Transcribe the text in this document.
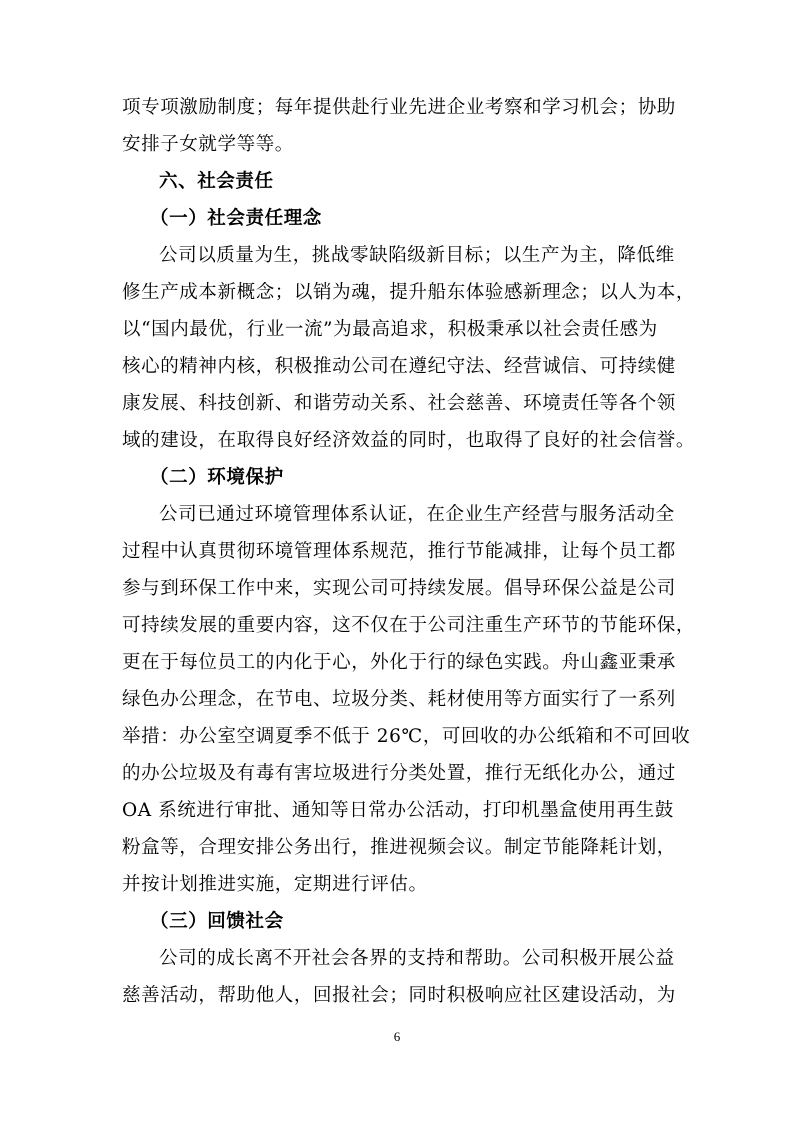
项专项激励制度；每年提供赴行业先进企业考察和学习机会；协助
安排子女就学等等。
六、社会责任
（一）社会责任理念
公司以质量为生，挑战零缺陷级新目标；以生产为主，降低维
修生产成本新概念；以销为魂，提升船东体验感新理念；以人为本，
以“国内最优，行业一流”为最高追求，积极秉承以社会责任感为
核心的精神内核，积极推动公司在遵纪守法、经营诚信、可持续健
康发展、科技创新、和谐劳动关系、社会慈善、环境责任等各个领
域的建设，在取得良好经济效益的同时，也取得了良好的社会信誉。
（二）环境保护
公司已通过环境管理体系认证，在企业生产经营与服务活动全
过程中认真贯彻环境管理体系规范，推行节能减排，让每个员工都
参与到环保工作中来，实现公司可持续发展。倡导环保公益是公司
可持续发展的重要内容，这不仅在于公司注重生产环节的节能环保，
更在于每位员工的内化于心，外化于行的绿色实践。舟山鑫亚秉承
绿色办公理念，在节电、垃圾分类、耗材使用等方面实行了一系列
举措：办公室空调夏季不低于 26℃，可回收的办公纸箱和不可回收
的办公垃圾及有毒有害垃圾进行分类处置，推行无纸化办公，通过
OA 系统进行审批、通知等日常办公活动，打印机墨盒使用再生鼓
粉盒等，合理安排公务出行，推进视频会议。制定节能降耗计划，
并按计划推进实施，定期进行评估。
（三）回馈社会
公司的成长离不开社会各界的支持和帮助。公司积极开展公益
慈善活动，帮助他人，回报社会；同时积极响应社区建设活动，为
6
